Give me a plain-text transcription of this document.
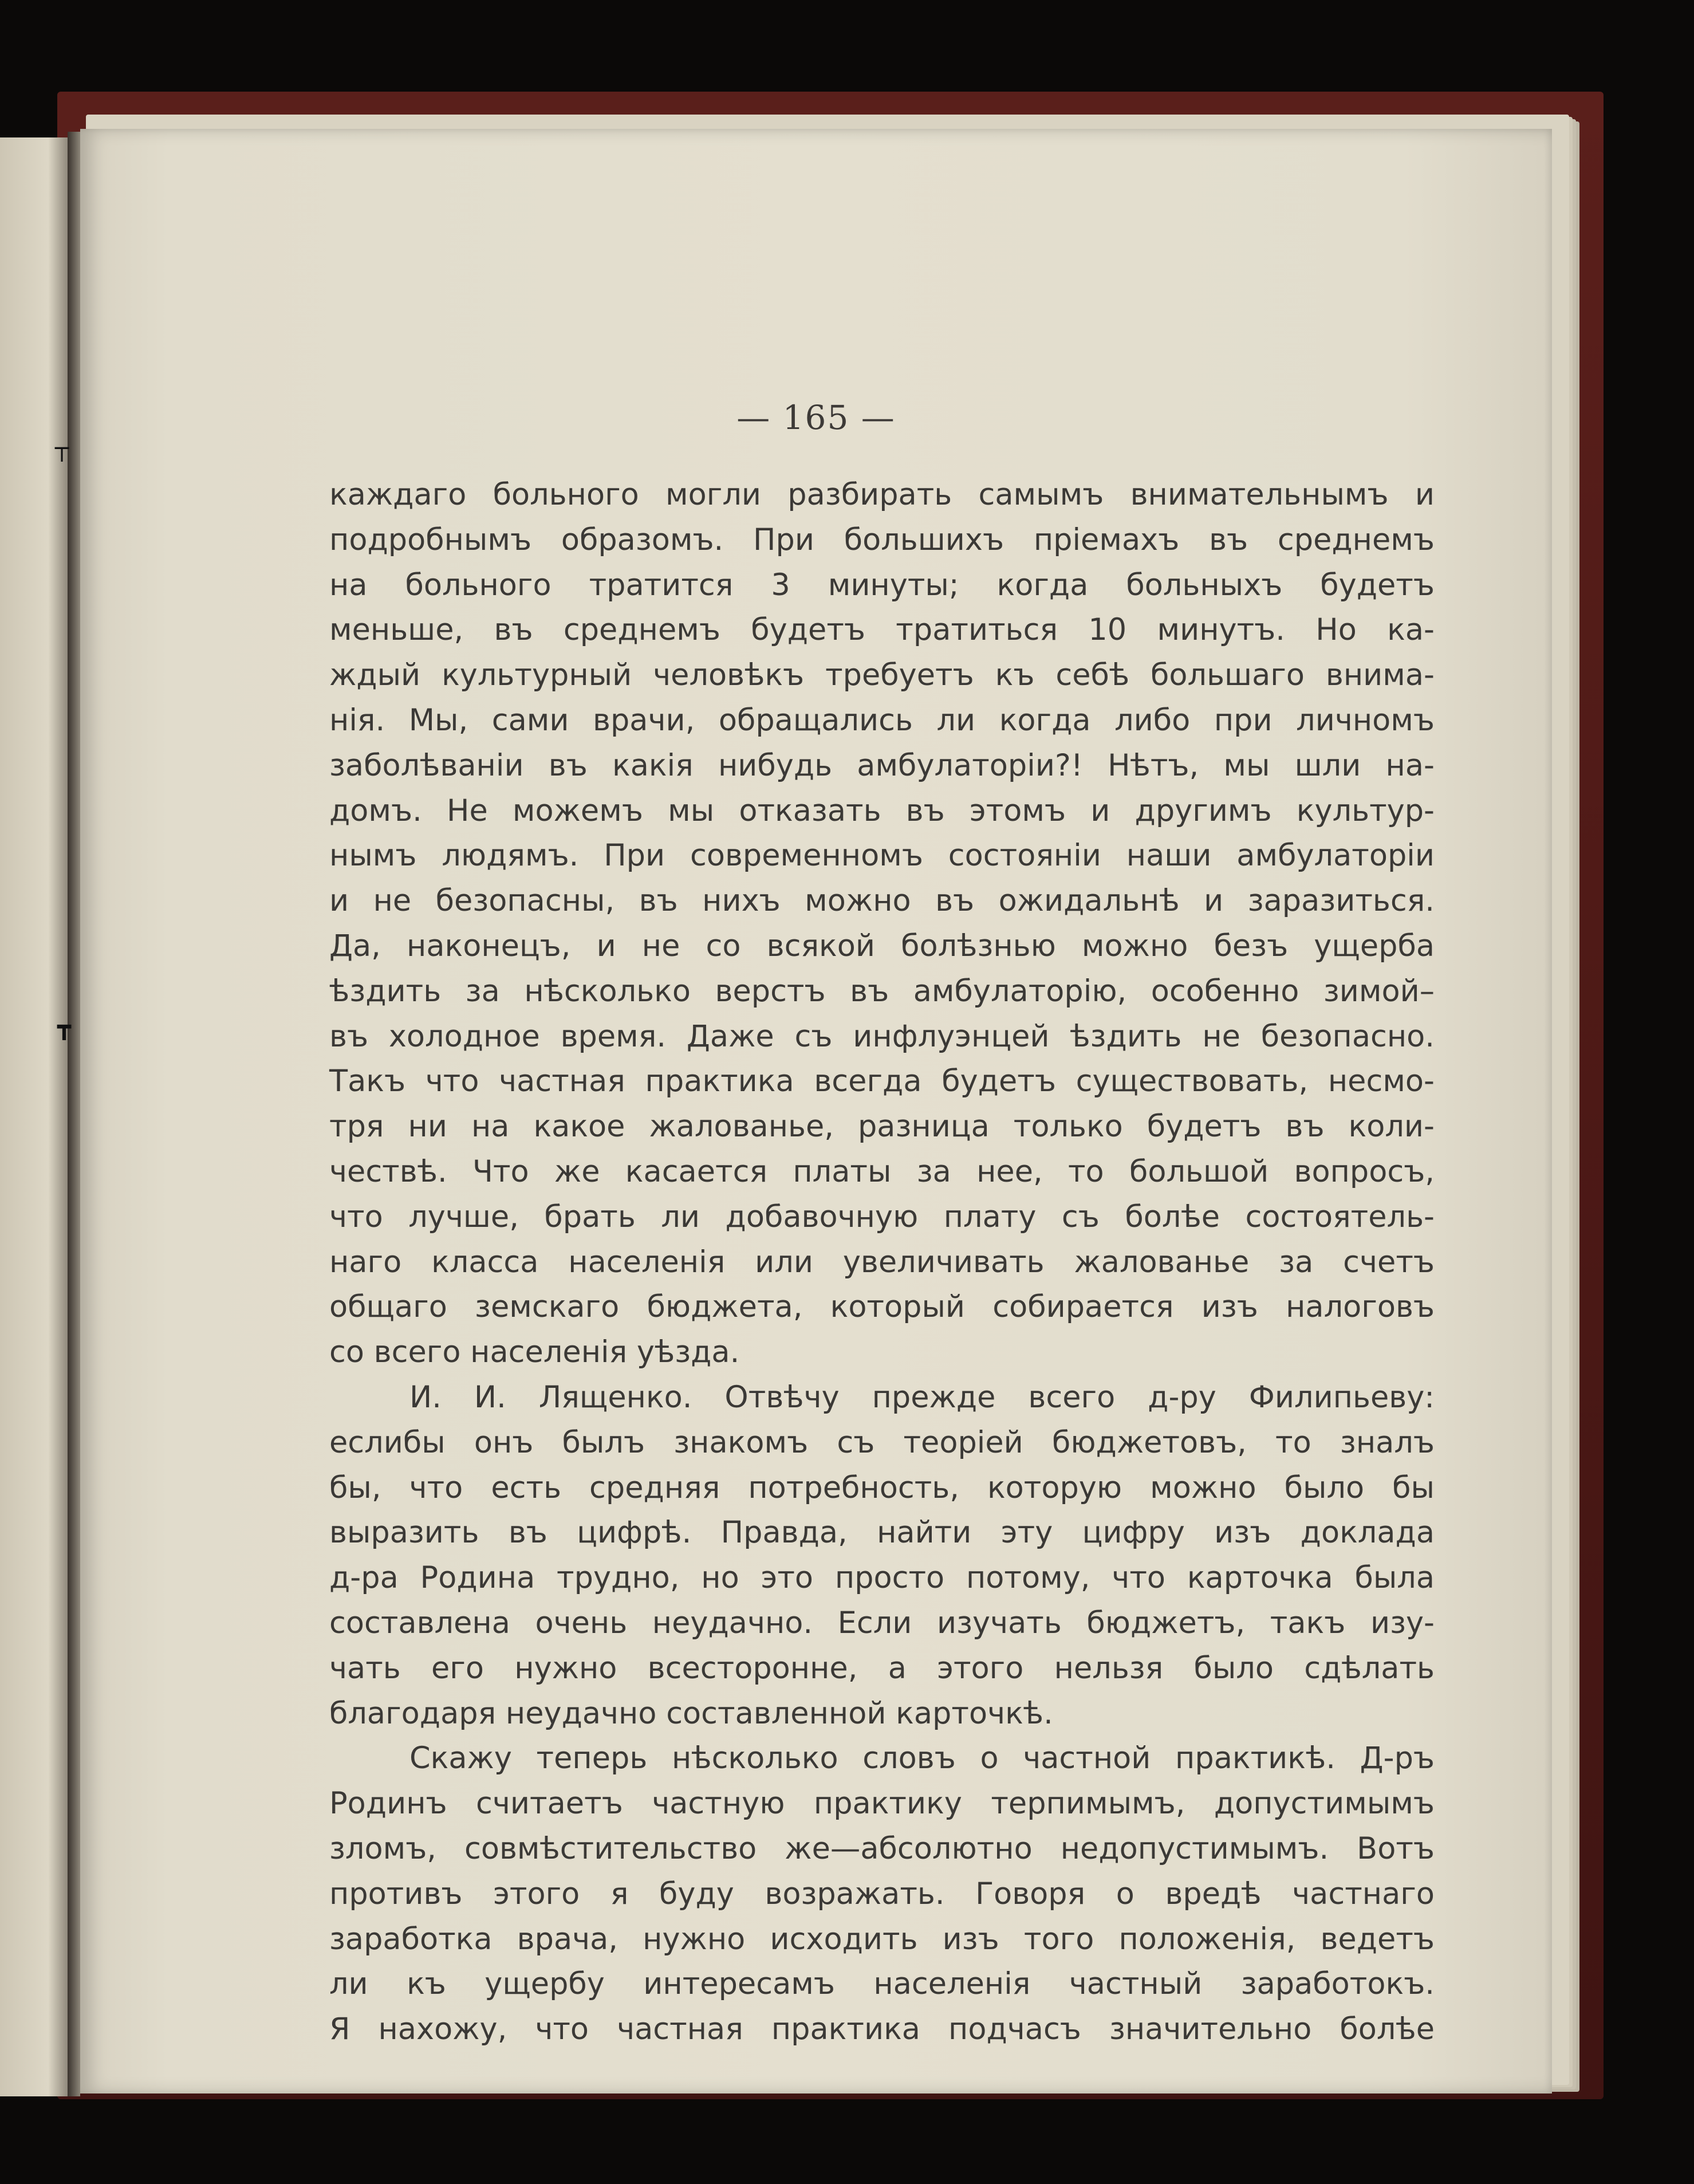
— 165 —
каждаго больного могли разбирать самымъ внимательнымъ и
подробнымъ образомъ. При большихъ пріемахъ въ среднемъ
на больного тратится 3 минуты; когда больныхъ будетъ
меньше, въ среднемъ будетъ тратиться 10 минутъ. Но ка-
ждый культурный человѣкъ требуетъ къ себѣ большаго внима-
нія. Мы, сами врачи, обращались ли когда либо при личномъ
заболѣваніи въ какія нибудь амбулаторіи?! Нѣтъ, мы шли на-
домъ. Не можемъ мы отказать въ этомъ и другимъ культур-
нымъ людямъ. При современномъ состояніи наши амбулаторіи
и не безопасны, въ нихъ можно въ ожидальнѣ и заразиться.
Да, наконецъ, и не со всякой болѣзнью можно безъ ущерба
ѣздить за нѣсколько верстъ въ амбулаторію, особенно зимой–
въ холодное время. Даже съ инфлуэнцей ѣздить не безопасно.
Такъ что частная практика всегда будетъ существовать, несмо-
тря ни на какое жалованье, разница только будетъ въ коли-
чествѣ. Что же касается платы за нее, то большой вопросъ,
что лучше, брать ли добавочную плату съ болѣе состоятель-
наго класса населенія или увеличивать жалованье за счетъ
общаго земскаго бюджета, который собирается изъ налоговъ
со всего населенія уѣзда.
И. И. Лященко. Отвѣчу прежде всего д-ру Филипьеву:
еслибы онъ былъ знакомъ съ теоріей бюджетовъ, то зналъ
бы, что есть средняя потребность, которую можно было бы
выразить въ цифрѣ. Правда, найти эту цифру изъ доклада
д-ра Родина трудно, но это просто потому, что карточка была
составлена очень неудачно. Если изучать бюджетъ, такъ изу-
чать его нужно всесторонне, а этого нельзя было сдѣлать
благодаря неудачно составленной карточкѣ.
Скажу теперь нѣсколько словъ о частной практикѣ. Д-ръ
Родинъ считаетъ частную практику терпимымъ, допустимымъ
зломъ, совмѣстительство же—абсолютно недопустимымъ. Вотъ
противъ этого я буду возражать. Говоря о вредѣ частнаго
заработка врача, нужно исходить изъ того положенія, ведетъ
ли къ ущербу интересамъ населенія частный заработокъ.
Я нахожу, что частная практика подчасъ значительно болѣе
┬
┳
